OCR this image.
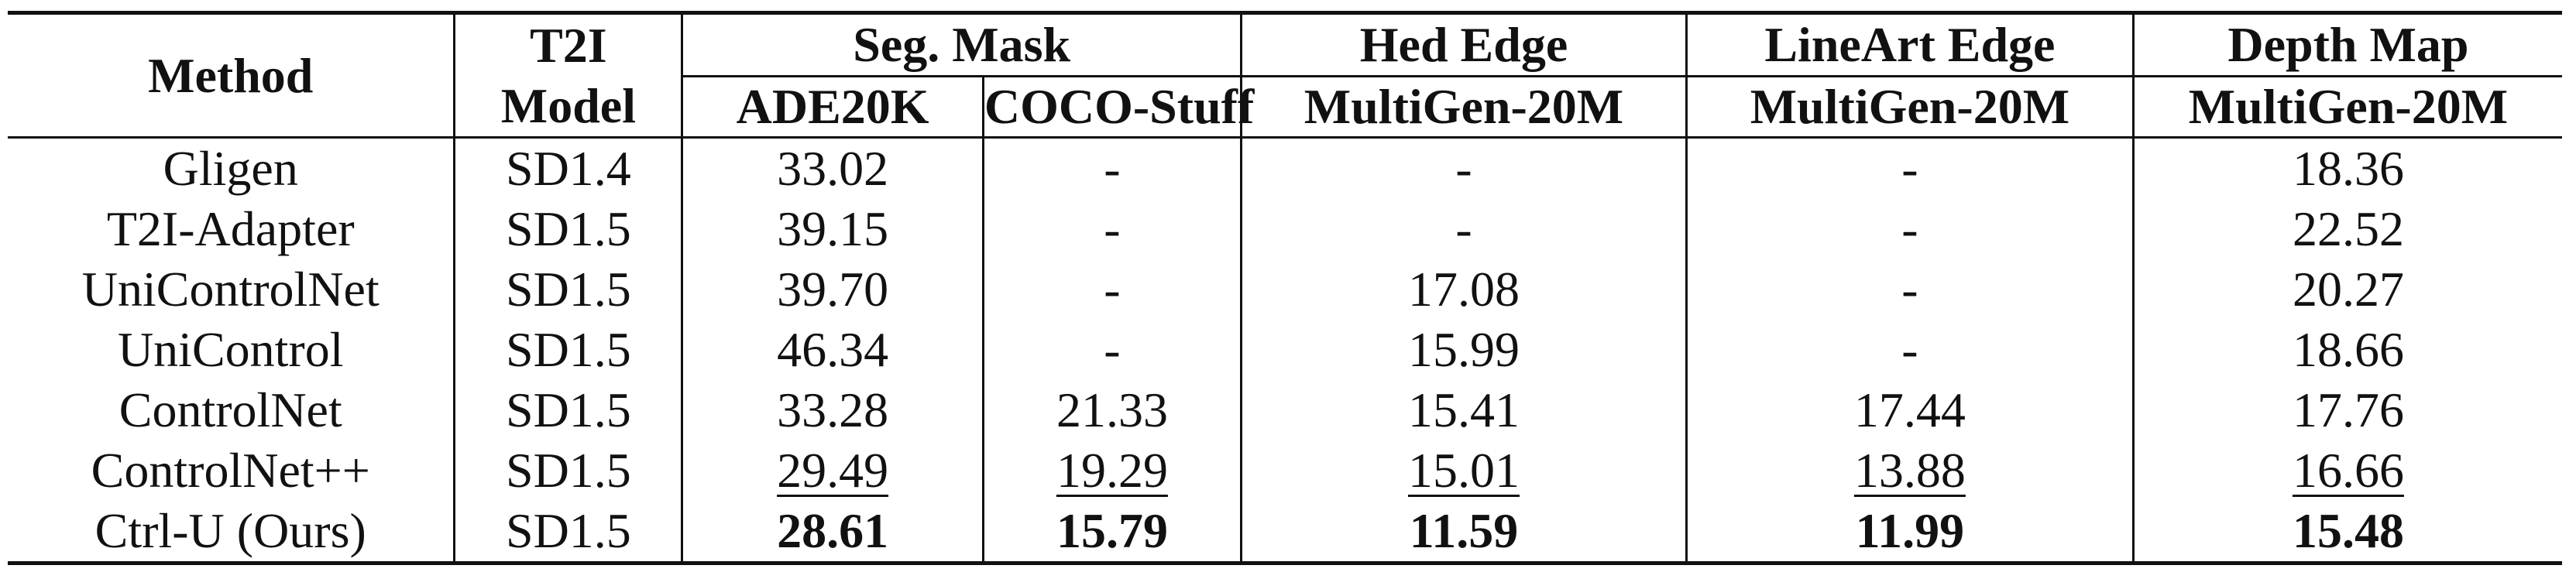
Method	T2I	Seg. Mask		Hed Edge	LineArt Edge	Depth Map
	Model	ADE20K	COCO-Stuff	MultiGen-20M	MultiGen-20M	MultiGen-20M
Gligen	SD1.4	33.02	-	-	-	18.36
T2I-Adapter	SD1.5	39.15	-	-	-	22.52
UniControlNet	SD1.5	39.70	-	17.08	-	20.27
UniControl	SD1.5	46.34	-	15.99	-	18.66
ControlNet	SD1.5	33.28	21.33	15.41	17.44	17.76
ControlNet++	SD1.5	29.49	19.29	15.01	13.88	16.66
Ctrl-U (Ours)	SD1.5	28.61	15.79	11.59	11.99	15.48
